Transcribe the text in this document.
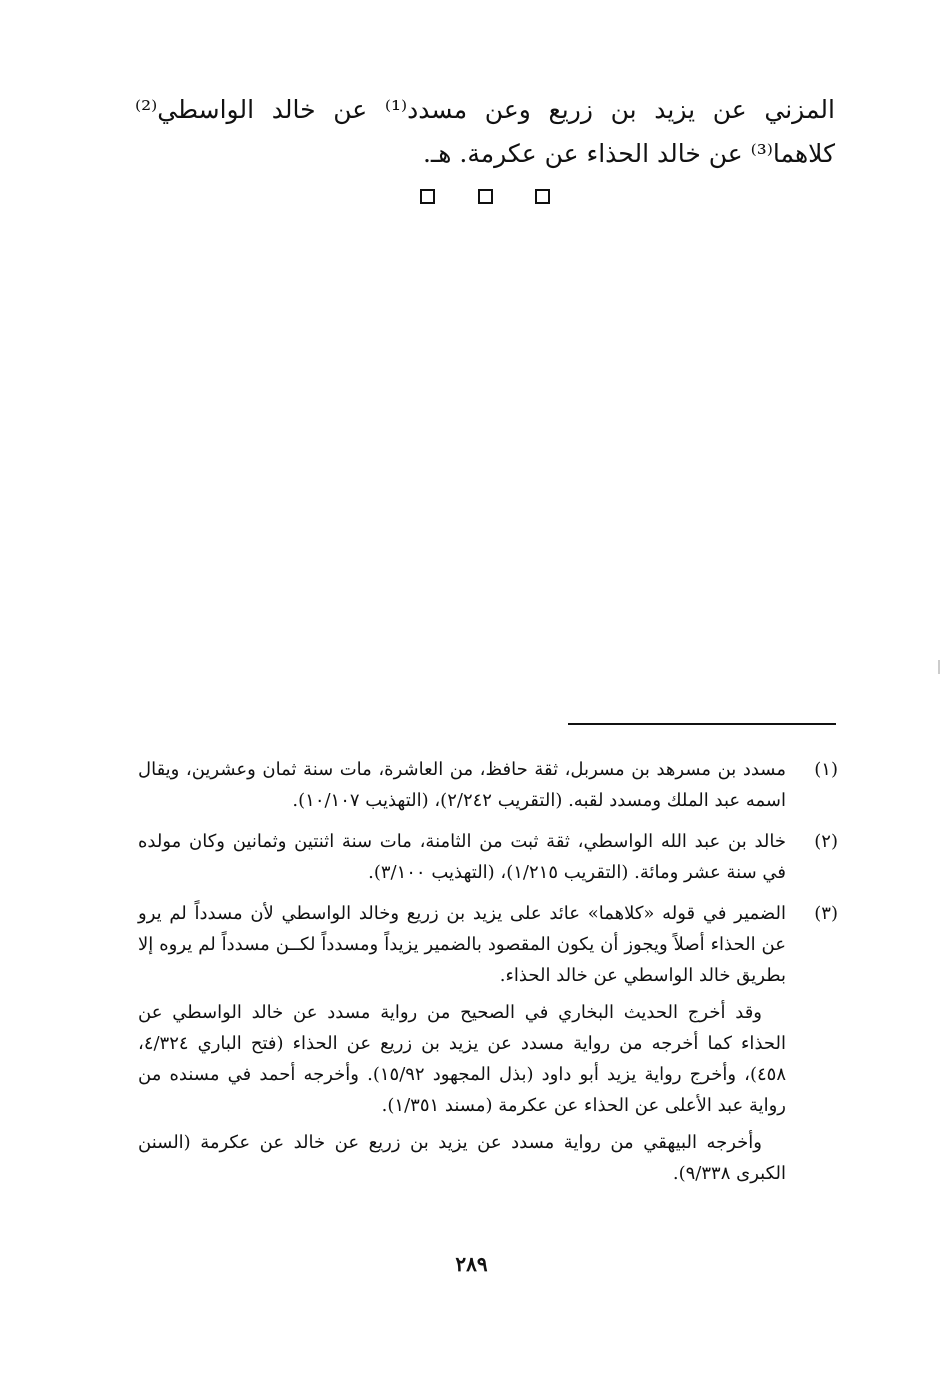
المزني عن يزيد بن زريع وعن مسدد⁽¹⁾ عن خالد الواسطي⁽²⁾ كلاهما⁽³⁾ عن خالد الحذاء عن عكرمة. هـ.

(١)

مسدد بن مسرهد بن مسربل، ثقة حافظ، من العاشرة، مات سنة ثمان وعشرين، ويقال اسمه عبد الملك ومسدد لقبه. (التقريب ٢/٢٤٢)، (التهذيب ١٠/١٠٧).

(٢)

خالد بن عبد الله الواسطي، ثقة ثبت من الثامنة، مات سنة اثنتين وثمانين وكان مولده في سنة عشر ومائة. (التقريب ١/٢١٥)، (التهذيب ٣/١٠٠).

(٣)

الضمير في قوله «كلاهما» عائد على يزيد بن زريع وخالد الواسطي لأن مسدداً لم يرو عن الحذاء أصلاً ويجوز أن يكون المقصود بالضمير يزيداً ومسدداً لكــن مسدداً لم يروه إلا بطريق خالد الواسطي عن خالد الحذاء.

وقد أخرج الحديث البخاري في الصحيح من رواية مسدد عن خالد الواسطي عن الحذاء كما أخرجه من رواية مسدد عن يزيد بن زريع عن الحذاء (فتح الباري ٤/٣٢٤، ٤٥٨)، وأخرج رواية يزيد أبو داود (بذل المجهود ١٥/٩٢). وأخرجه أحمد في مسنده من رواية عبد الأعلى عن الحذاء عن عكرمة (مسند ١/٣٥١).

وأخرجه البيهقي من رواية مسدد عن يزيد بن زريع عن خالد عن عكرمة (السنن الكبرى ٩/٣٣٨).

٢٨٩
